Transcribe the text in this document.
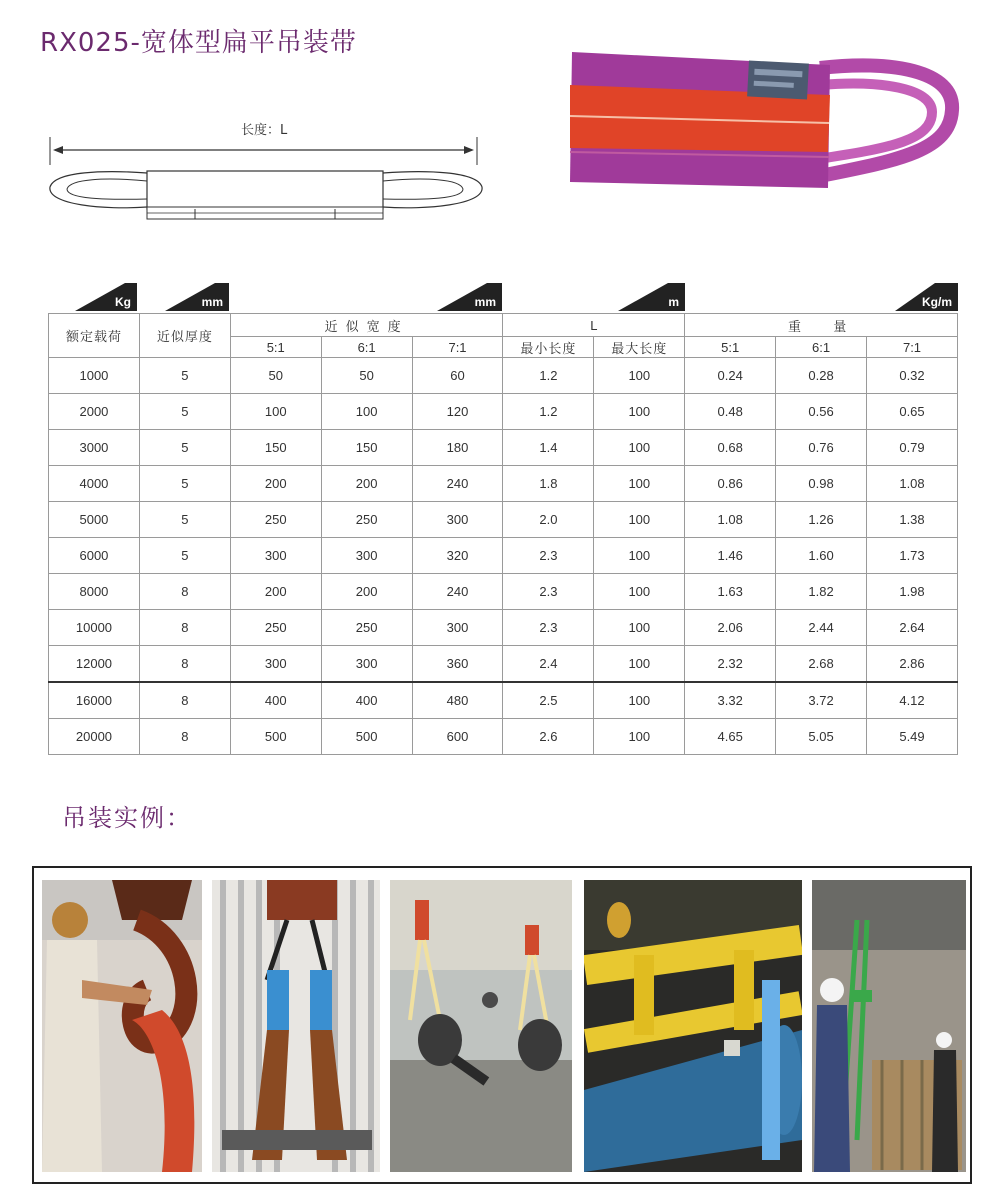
RX025-宽体型扁平吊装带
长度：L
Kg	mm	mm	m	Kg/m
额定载荷	近似厚度	近似宽度			L		重  量		
		5:1	6:1	7:1	最小长度	最大长度	5:1	6:1	7:1
1000	5	50	50	60	1.2	100	0.24	0.28	0.32
2000	5	100	100	120	1.2	100	0.48	0.56	0.65
3000	5	150	150	180	1.4	100	0.68	0.76	0.79
4000	5	200	200	240	1.8	100	0.86	0.98	1.08
5000	5	250	250	300	2.0	100	1.08	1.26	1.38
6000	5	300	300	320	2.3	100	1.46	1.60	1.73
8000	8	200	200	240	2.3	100	1.63	1.82	1.98
10000	8	250	250	300	2.3	100	2.06	2.44	2.64
12000	8	300	300	360	2.4	100	2.32	2.68	2.86
16000	8	400	400	480	2.5	100	3.32	3.72	4.12
20000	8	500	500	600	2.6	100	4.65	5.05	5.49
吊装实例：
